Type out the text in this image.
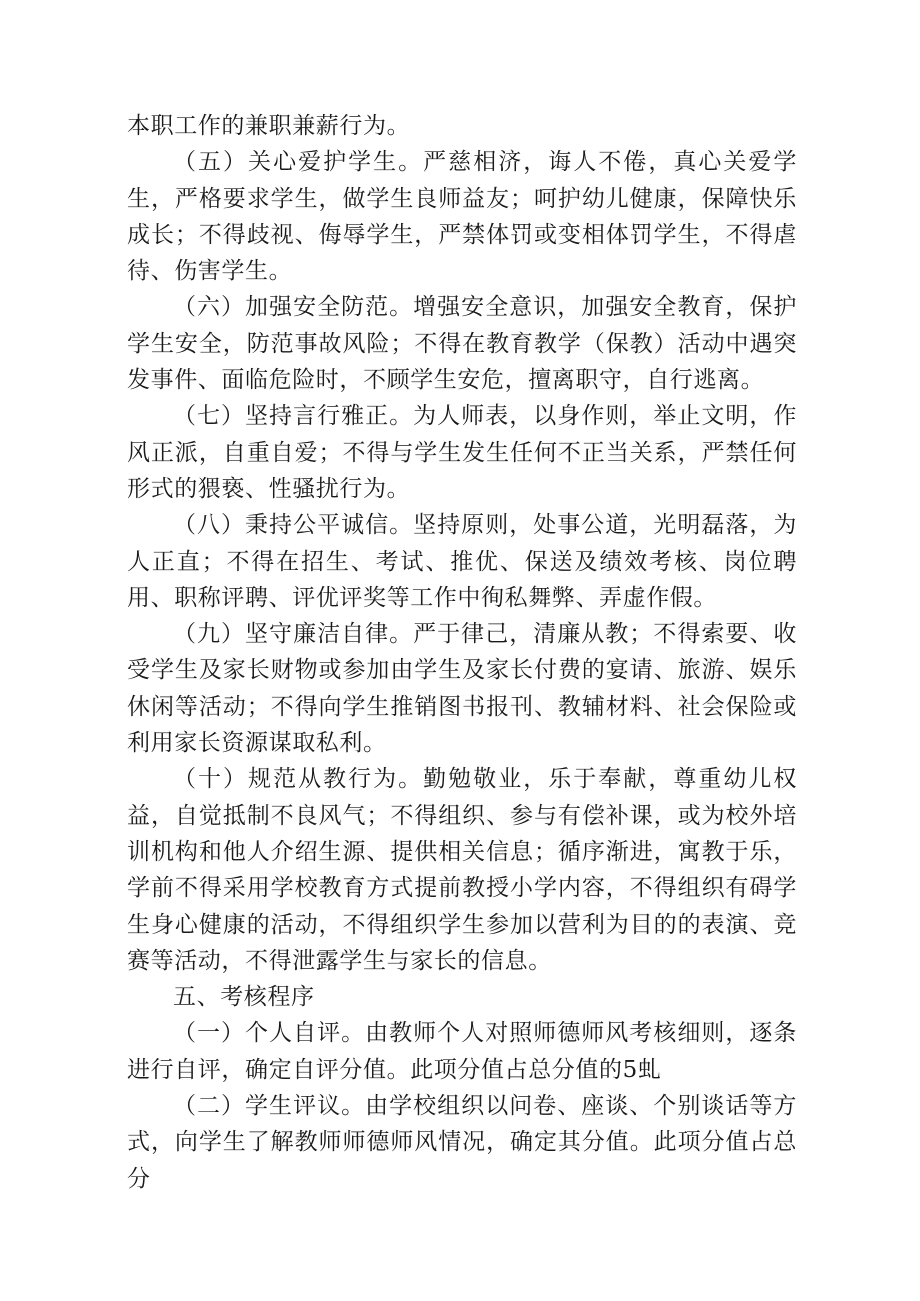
本职工作的兼职兼薪行为。

（五）关心爱护学生。严慈相济，诲人不倦，真心关爱学生，严格要求学生，做学生良师益友；呵护幼儿健康，保障快乐成长；不得歧视、侮辱学生，严禁体罚或变相体罚学生，不得虐待、伤害学生。

（六）加强安全防范。增强安全意识，加强安全教育，保护学生安全，防范事故风险；不得在教育教学（保教）活动中遇突发事件、面临危险时，不顾学生安危，擅离职守，自行逃离。

（七）坚持言行雅正。为人师表，以身作则，举止文明，作风正派，自重自爱；不得与学生发生任何不正当关系，严禁任何形式的猥亵、性骚扰行为。

（八）秉持公平诚信。坚持原则，处事公道，光明磊落，为人正直；不得在招生、考试、推优、保送及绩效考核、岗位聘用、职称评聘、评优评奖等工作中徇私舞弊、弄虚作假。

（九）坚守廉洁自律。严于律己，清廉从教；不得索要、收受学生及家长财物或参加由学生及家长付费的宴请、旅游、娱乐休闲等活动；不得向学生推销图书报刊、教辅材料、社会保险或利用家长资源谋取私利。

（十）规范从教行为。勤勉敬业，乐于奉献，尊重幼儿权益，自觉抵制不良风气；不得组织、参与有偿补课，或为校外培训机构和他人介绍生源、提供相关信息；循序渐进，寓教于乐，学前不得采用学校教育方式提前教授小学内容，不得组织有碍学生身心健康的活动，不得组织学生参加以营利为目的的表演、竞赛等活动，不得泄露学生与家长的信息。

五、考核程序

（一）个人自评。由教师个人对照师德师风考核细则，逐条进行自评，确定自评分值。此项分值占总分值的5虬

（二）学生评议。由学校组织以问卷、座谈、个别谈话等方式，向学生了解教师师德师风情况，确定其分值。此项分值占总分
